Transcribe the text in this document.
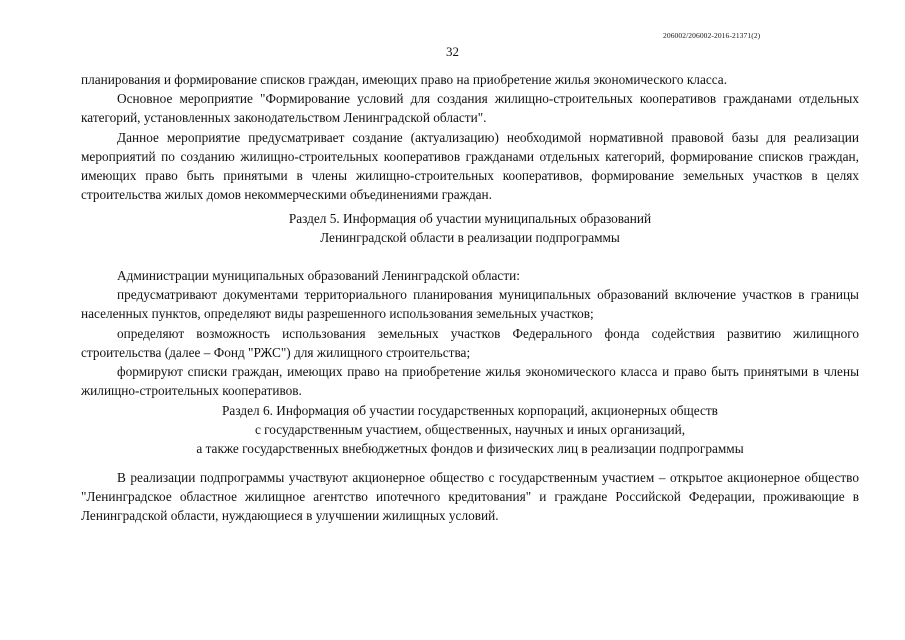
206002/206002-2016-21371(2)
32

планирования и формирование списков граждан, имеющих право на приобретение жилья экономического класса.

Основное мероприятие "Формирование условий для создания жилищно-строительных кооперативов гражданами отдельных категорий, установленных законодательством Ленинградской области".

Данное мероприятие предусматривает создание (актуализацию) необходимой нормативной правовой базы для реализации мероприятий по созданию жилищно-строительных кооперативов гражданами отдельных категорий, формирование списков граждан, имеющих право быть принятыми в члены жилищно-строительных кооперативов, формирование земельных участков в целях строительства жилых домов некоммерческими объединениями граждан.

Раздел 5. Информация об участии муниципальных образований

Ленинградской области в реализации подпрограммы

Администрации муниципальных образований Ленинградской области:

предусматривают документами территориального планирования муниципальных образований включение участков в границы населенных пунктов, определяют виды разрешенного использования земельных участков;

определяют возможность использования земельных участков Федерального фонда содействия развитию жилищного строительства (далее – Фонд "РЖС") для жилищного строительства;

формируют списки граждан, имеющих право на приобретение жилья экономического класса и право быть принятыми в члены жилищно-строительных кооперативов.

Раздел 6. Информация об участии государственных корпораций, акционерных обществ

с государственным участием, общественных, научных и иных организаций,

а также государственных внебюджетных фондов и физических лиц в реализации подпрограммы

В реализации подпрограммы участвуют акционерное общество с государственным участием – открытое акционерное общество "Ленинградское областное жилищное агентство ипотечного кредитования" и граждане Российской Федерации, проживающие в Ленинградской области, нуждающиеся в улучшении жилищных условий.
